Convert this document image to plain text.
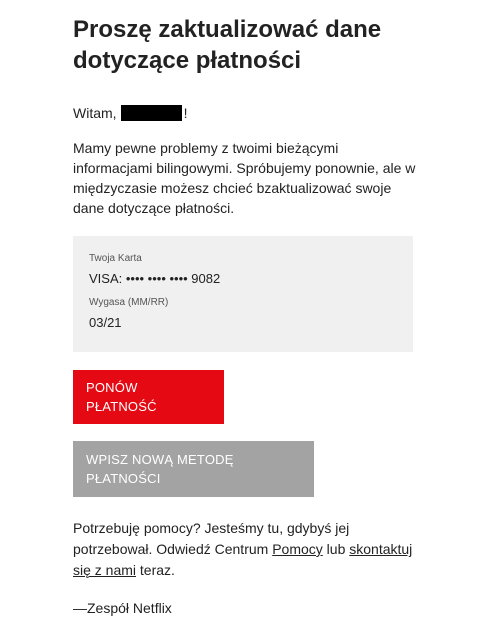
Proszę zaktualizować dane dotyczące płatności
Witam,	!

Mamy pewne problemy z twoimi bieżącymi informacjami bilingowymi. Spróbujemy ponownie, ale w międzyczasie możesz chcieć bzaktualizować swoje dane dotyczące płatności.

Twoja Karta
VISA: •••• •••• •••• 9082
Wygasa (MM/RR)
03/21
PONÓW PŁATNOŚĆ
WPISZ NOWĄ METODĘ PŁATNOŚCI

Potrzebuję pomocy? Jesteśmy tu, gdybyś jej potrzebował. Odwiedź Centrum Pomocy lub skontaktuj się z nami teraz.

—Zespół Netflix
